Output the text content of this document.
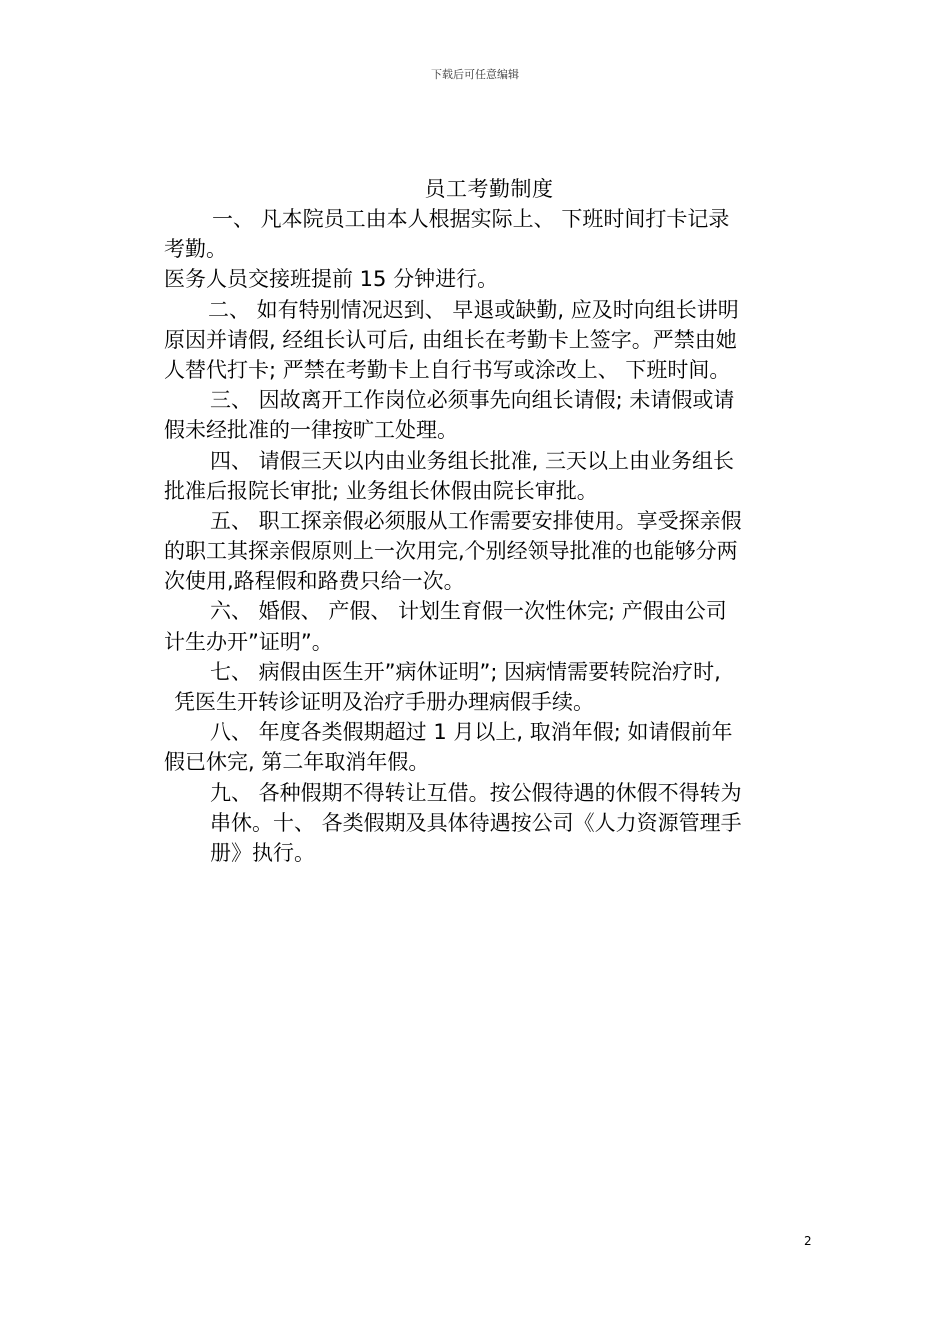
下载后可任意编辑
员工考勤制度
一、 凡本院员工由本人根据实际上、 下班时间打卡记录
考勤。
医务人员交接班提前 15 分钟进行。
二、 如有特别情况迟到、 早退或缺勤, 应及时向组长讲明
原因并请假, 经组长认可后, 由组长在考勤卡上签字。严禁由她
人替代打卡; 严禁在考勤卡上自行书写或涂改上、 下班时间。
三、 因故离开工作岗位必须事先向组长请假; 未请假或请
假未经批准的一律按旷工处理。
四、 请假三天以内由业务组长批准, 三天以上由业务组长
批准后报院长审批; 业务组长休假由院长审批。
五、 职工探亲假必须服从工作需要安排使用。享受探亲假
的职工其探亲假原则上一次用完,个别经领导批准的也能够分两
次使用,路程假和路费只给一次。
六、 婚假、 产假、 计划生育假一次性休完; 产假由公司
计生办开”证明”。
七、 病假由医生开”病休证明”; 因病情需要转院治疗时,
凭医生开转诊证明及治疗手册办理病假手续。
八、 年度各类假期超过 1 月以上, 取消年假; 如请假前年
假已休完, 第二年取消年假。
九、 各种假期不得转让互借。按公假待遇的休假不得转为
串休。十、 各类假期及具体待遇按公司《人力资源管理手
册》执行。
2
